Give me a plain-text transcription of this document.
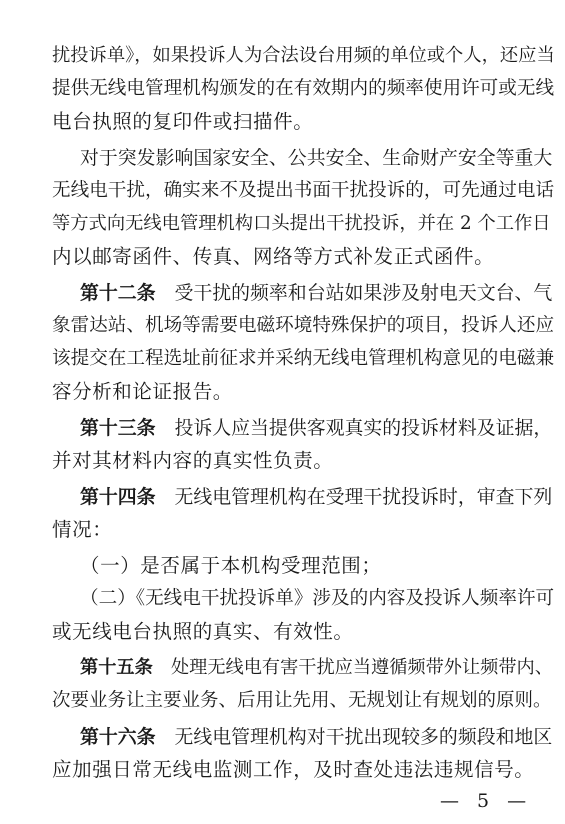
扰投诉单》，如果投诉人为合法设台用频的单位或个人，还应当
提供无线电管理机构颁发的在有效期内的频率使用许可或无线
电台执照的复印件或扫描件。
对于突发影响国家安全、公共安全、生命财产安全等重大
无线电干扰，确实来不及提出书面干扰投诉的，可先通过电话
等方式向无线电管理机构口头提出干扰投诉，并在 2 个工作日
内以邮寄函件、传真、网络等方式补发正式函件。
第十二条　 受干扰的频率和台站如果涉及射电天文台、气
象雷达站、机场等需要电磁环境特殊保护的项目，投诉人还应
该提交在工程选址前征求并采纳无线电管理机构意见的电磁兼
容分析和论证报告。
第十三条　 投诉人应当提供客观真实的投诉材料及证据，
并对其材料内容的真实性负责。
第十四条　 无线电管理机构在受理干扰投诉时，审查下列
情况：
（一）是否属于本机构受理范围；
（二）《无线电干扰投诉单》涉及的内容及投诉人频率许可
或无线电台执照的真实、有效性。
第十五条　 处理无线电有害干扰应当遵循频带外让频带内、
次要业务让主要业务、后用让先用、无规划让有规划的原则。
— 5 —
第十六条　 无线电管理机构对干扰出现较多的频段和地区
应加强日常无线电监测工作，及时查处违法违规信号。
